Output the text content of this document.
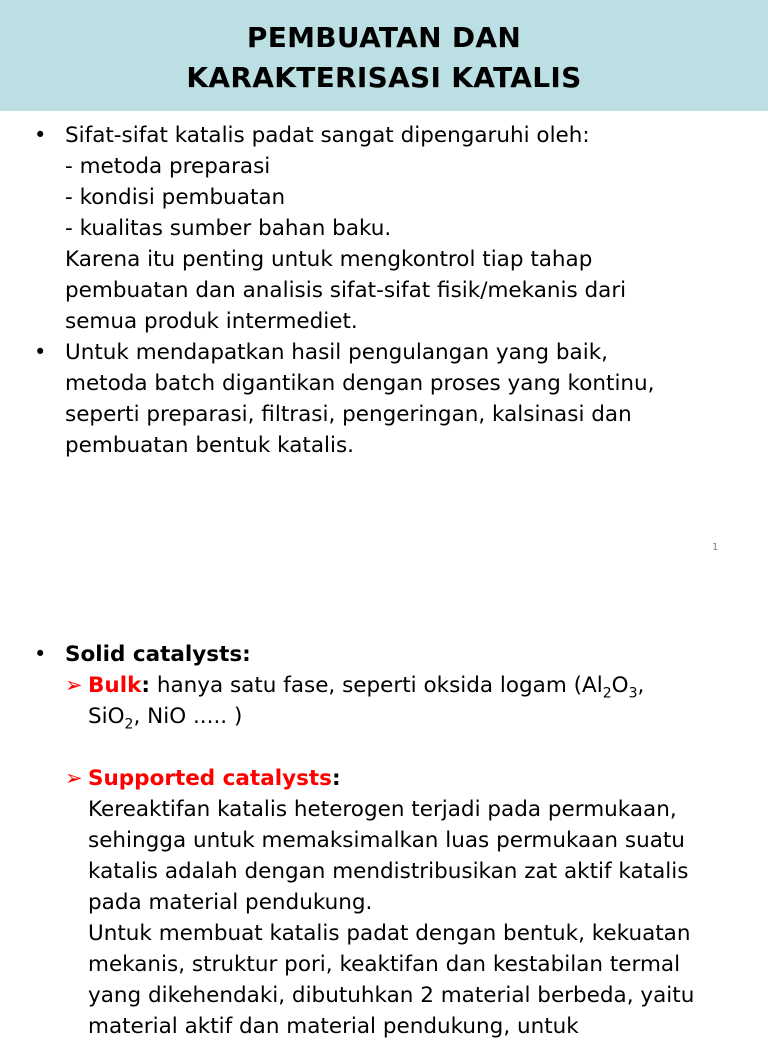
PEMBUATAN DAN
KARAKTERISASI KATALIS
• Sifat-sifat katalis padat sangat dipengaruhi oleh:
- metoda preparasi
- kondisi pembuatan
- kualitas sumber bahan baku.
Karena itu penting untuk mengkontrol tiap tahap
pembuatan dan analisis sifat-sifat fisik/mekanis dari
semua produk intermediet.
• Untuk mendapatkan hasil pengulangan yang baik,
metoda batch digantikan dengan proses yang kontinu,
seperti preparasi, filtrasi, pengeringan, kalsinasi dan
pembuatan bentuk katalis.
1
• Solid catalysts:
➢ Bulk: hanya satu fase, seperti oksida logam ($Al_2O_3$,
SiO$_2$, NiO ..... )
➢ Supported catalysts:
Kereaktifan katalis heterogen terjadi pada permukaan,
sehingga untuk memaksimalkan luas permukaan suatu
katalis adalah dengan mendistribusikan zat aktif katalis
pada material pendukung.
Untuk membuat katalis padat dengan bentuk, kekuatan
mekanis, struktur pori, keaktifan dan kestabilan termal
yang dikehendaki, dibutuhkan 2 material berbeda, yaitu
material aktif dan material pendukung, untuk
